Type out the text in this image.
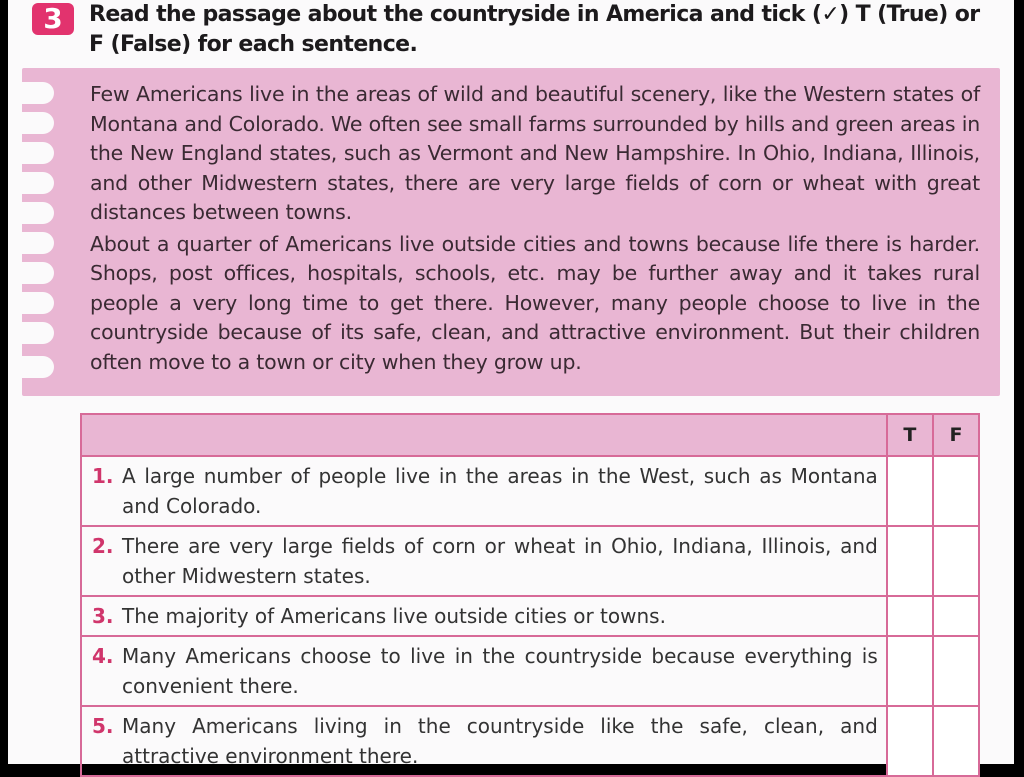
3	Read the passage about the countryside in America and tick (✓) T (True) or F (False) for each sentence.

Few Americans live in the areas of wild and beautiful scenery, like the Western states of Montana and Colorado. We often see small farms surrounded by hills and green areas in the New England states, such as Vermont and New Hampshire. In Ohio, Indiana, Illinois, and other Midwestern states, there are very large fields of corn or wheat with great distances between towns.

About a quarter of Americans live outside cities and towns because life there is harder. Shops, post offices, hospitals, schools, etc. may be further away and it takes rural people a very long time to get there. However, many people choose to live in the countryside because of its safe, clean, and attractive environment. But their children often move to a town or city when they grow up.

	T	F

1. A large number of people live in the areas in the West, such as Montana and Colorado.		

2. There are very large fields of corn or wheat in Ohio, Indiana, Illinois, and other Midwestern states.		

3. The majority of Americans live outside cities or towns.		

4. Many Americans choose to live in the countryside because everything is convenient there.		

5. Many Americans living in the countryside like the safe, clean, and attractive environment there.		
